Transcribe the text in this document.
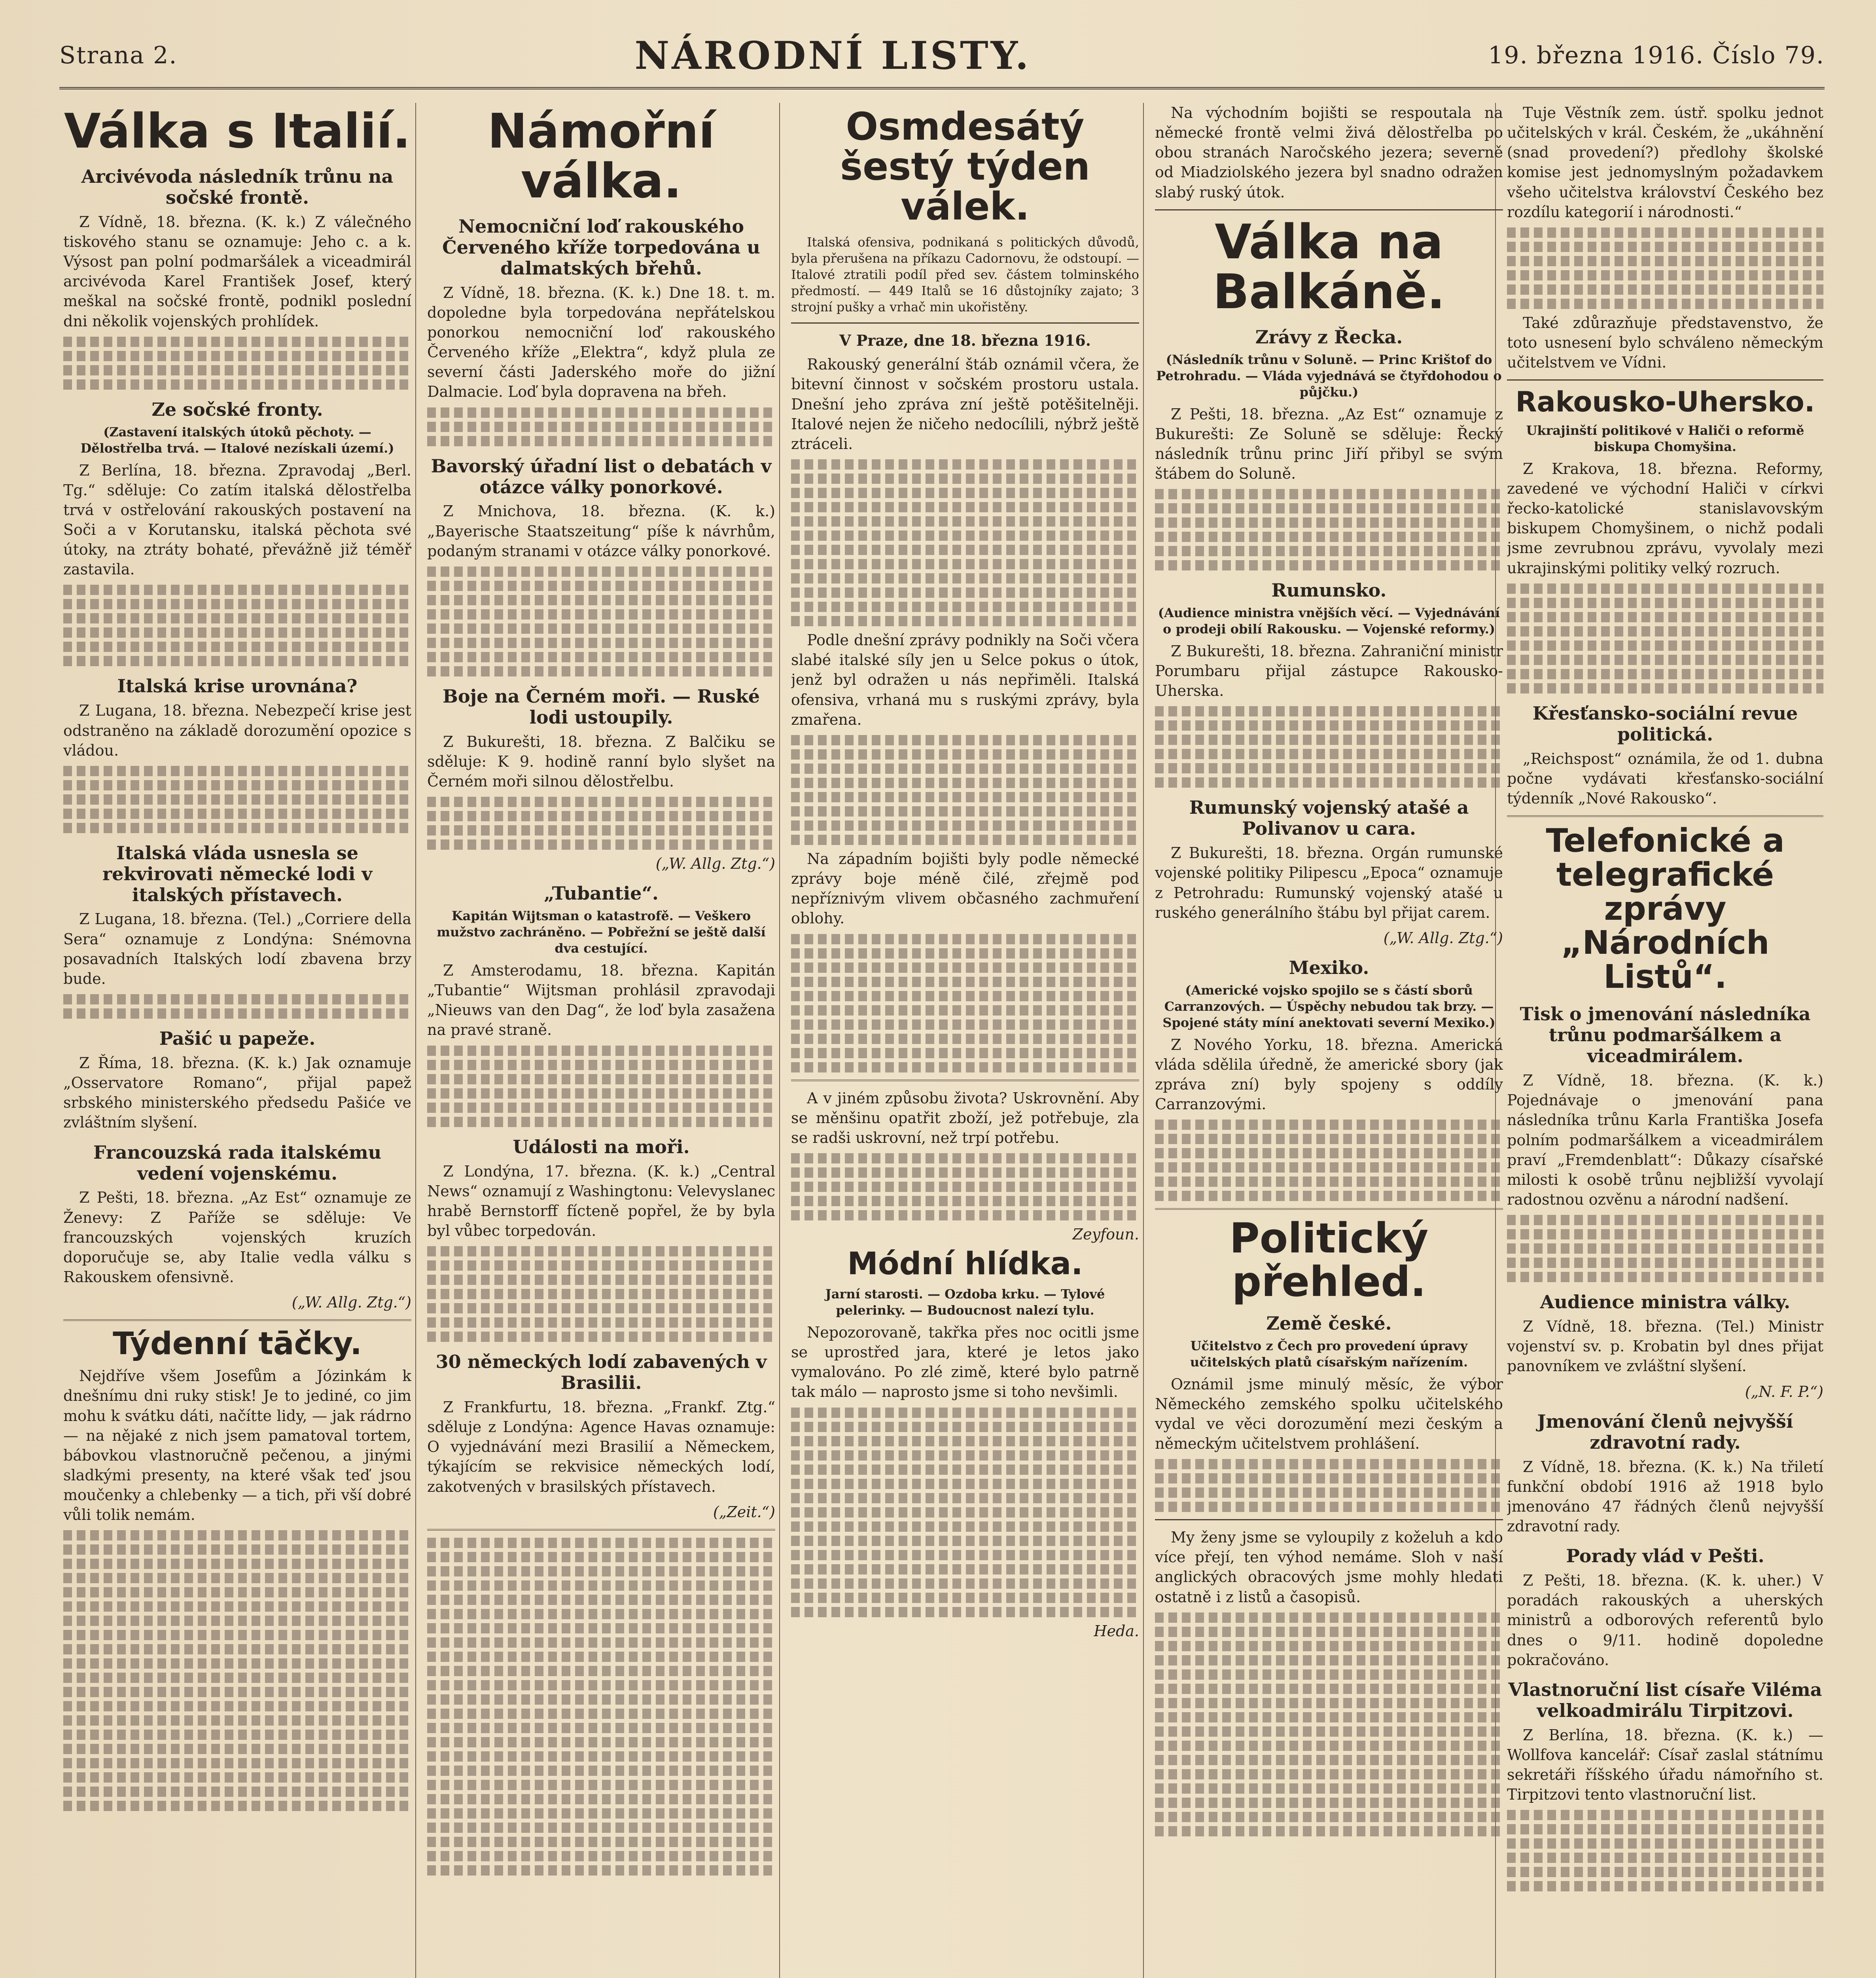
Strana 2.	NÁRODNÍ LISTY.	19. března 1916. Číslo 79.
Válka s Italií.
Arcivévoda následník trůnu na sočské frontě.

Z Vídně, 18. března. (K. k.) Z válečného tiskového stanu se oznamuje: Jeho c. a k. Výsost pan polní podmaršálek a viceadmirál arcivévoda Karel František Josef, který meškal na sočské frontě, podnikl poslední dni několik vojenských prohlídek.

Ze sočské fronty.
(Zastavení italských útoků pěchoty. — Dělostřelba trvá. — Italové nezískali území.)

Z Berlína, 18. března. Zpravodaj „Berl. Tg.“ sděluje: Co zatím italská dělostřelba trvá v ostřelování rakouských postavení na Soči a v Korutansku, italská pěchota své útoky, na ztráty bohaté, převážně již téměř zastavila.

Italská krise urovnána?

Z Lugana, 18. března. Nebezpečí krise jest odstraněno na základě dorozumění opozice s vládou.

Italská vláda usnesla se rekvirovati německé lodi v italských přístavech.

Z Lugana, 18. března. (Tel.) „Corriere della Sera“ oznamuje z Londýna: Snémovna posavadních Italských lodí zbavena brzy bude.

Pašić u papeže.

Z Říma, 18. března. (K. k.) Jak oznamuje „Osservatore Romano“, přijal papež srbského ministerského předsedu Pašiće ve zvláštním slyšení.

Francouzská rada italskému vedení vojenskému.

Z Pešti, 18. března. „Az Est“ oznamuje ze Ženevy: Z Paříže se sděluje: Ve francouzských vojenských kruzích doporučuje se, aby Italie vedla válku s Rakouskem ofensivně.

(„W. Allg. Ztg.“)
Týdenní tāčky.

Nejdříve všem Josefům a Józinkám k dnešnímu dni ruky stisk! Je to jediné, co jim mohu k svátku dáti, načítte lidy, — jak rádrno — na nějaké z nich jsem pamatoval tortem, bábovkou vlastnoručně pečenou, a jinými sladkými presenty, na které však teď jsou moučenky a chlebenky — a tich, při vší dobré vůli tolik nemám.

Námořní válka.
Nemocniční loď rakouského Červeného kříže torpedována u dalmatských břehů.

Z Vídně, 18. března. (K. k.) Dne 18. t. m. dopoledne byla torpedována nepřátelskou ponorkou nemocniční loď rakouského Červeného kříže „Elektra“, když plula ze severní části Jaderského moře do jižní Dalmacie. Loď byla dopravena na břeh.

Bavorský úřadní list o debatách v otázce války ponorkové.

Z Mnichova, 18. března. (K. k.) „Bayerische Staatszeitung“ píše k návrhům, podaným stranami v otázce války ponorkové.

Boje na Černém moři. — Ruské lodi ustoupily.

Z Bukurešti, 18. března. Z Balčiku se sděluje: K 9. hodině ranní bylo slyšet na Černém moři silnou dělostřelbu.

(„W. Allg. Ztg.“)
„Tubantie“.
Kapitán Wijtsman o katastrofě. — Veškero mužstvo zachráněno. — Pobřežní se ještě další dva cestující.

Z Amsterodamu, 18. března. Kapitán „Tubantie“ Wijtsman prohlásil zpravodaji „Nieuws van den Dag“, že loď byla zasažena na pravé straně.

Události na moři.

Z Londýna, 17. března. (K. k.) „Central News“ oznamují z Washingtonu: Velevyslanec hrabě Bernstorff fícteně popřel, že by byla byl vůbec torpedován.

30 německých lodí zabavených v Brasilii.

Z Frankfurtu, 18. března. „Frankf. Ztg.“ sděluje z Londýna: Agence Havas oznamuje: O vyjednávání mezi Brasilií a Německem, týkajícím se rekvisice německých lodí, zakotvených v brasilských přístavech.

(„Zeit.“)
Osmdesátý šestý týden válek.

Italská ofensiva, podnikaná s politických důvodů, byla přerušena na příkazu Cadornovu, že odstoupí. — Italové ztratili podíl před sev. částem tolminského předmostí. — 449 Italů se 16 důstojníky zajato; 3 strojní pušky a vrhač min ukořistěny.

V Praze, dne 18. března 1916.

Rakouský generální štáb oznámil včera, že bitevní činnost v sočském prostoru ustala. Dnešní jeho zpráva zní ještě potěšitelněji. Italové nejen že ničeho nedocílili, nýbrž ještě ztráceli.

Podle dnešní zprávy podnikly na Soči včera slabé italské síly jen u Selce pokus o útok, jenž byl odražen u nás nepřiměli. Italská ofensiva, vrhaná mu s ruskými zprávy, byla zmařena.

Na západním bojišti byly podle německé zprávy boje méně čilé, zřejmě pod nepříznivým vlivem občasného zachmuření oblohy.

A v jiném způsobu života? Uskrovnění. Aby se měnšinu opatřit zboží, jež potřebuje, zla se radši uskrovní, než trpí potřebu.

Zeyfoun.
Módní hlídka.
Jarní starosti. — Ozdoba krku. — Tylové pelerinky. — Budoucnost nalezí tylu.

Nepozorovaně, takřka přes noc ocitli jsme se uprostřed jara, které je letos jako vymalováno. Po zlé zimě, které bylo patrně tak málo — naprosto jsme si toho nevšimli.

Heda.

Na východním bojišti se respoutala na německé frontě velmi živá dělostřelba po obou stranách Naročského jezera; severně od Miadziolského jezera byl snadno odražen slabý ruský útok.

Válka na Balkáně.
Zrávy z Řecka.
(Následník trůnu v Soluně. — Princ Krištof do Petrohradu. — Vláda vyjednává se čtyřdohodou o půjčku.)

Z Pešti, 18. března. „Az Est“ oznamuje z Bukurešti: Ze Soluně se sděluje: Řecký následník trůnu princ Jiří přibyl se svým štábem do Soluně.

Rumunsko.
(Audience ministra vnějších věcí. — Vyjednávání o prodeji obilí Rakousku. — Vojenské reformy.)

Z Bukurešti, 18. března. Zahraniční ministr Porumbaru přijal zástupce Rakousko-Uherska.

Rumunský vojenský atašé a Polivanov u cara.

Z Bukurešti, 18. března. Orgán rumunské vojenské politiky Pilipescu „Epoca“ oznamuje z Petrohradu: Rumunský vojenský atašé u ruského generálního štábu byl přijat carem.

(„W. Allg. Ztg.“)
Mexiko.
(Americké vojsko spojilo se s částí sborů Carranzových. — Úspěchy nebudou tak brzy. — Spojené státy míní anektovati severní Mexiko.)

Z Nového Yorku, 18. března. Americká vláda sdělila úředně, že americké sbory (jak zpráva zní) byly spojeny s oddíly Carranzovými.

Politický přehled.
Země české.
Učitelstvo z Čech pro provedení úpravy učitelských platů císařským nařízením.

Oznámil jsme minulý měsíc, že výbor Německého zemského spolku učitelského vydal ve věci dorozumění mezi českým a německým učitelstvem prohlášení.

My ženy jsme se vyloupily z koželuh a kdo více přejí, ten výhod nemáme. Sloh v naší anglických obracových jsme mohly hledati ostatně i z listů a časopisů.

Tuje Věstník zem. ústř. spolku jednot učitelských v král. Českém, že „ukáhnění (snad provedení?) předlohy školské komise jest jednomyslným požadavkem všeho učitelstva království Českého bez rozdílu kategorií i národnosti.“

Také zdůrazňuje představenstvo, že toto usnesení bylo schváleno německým učitelstvem ve Vídni.

Rakousko-Uhersko.
Ukrajinští politikové v Haliči o reformě biskupa Chomyšina.

Z Krakova, 18. března. Reformy, zavedené ve východní Haliči v církvi řecko-katolické stanislavovským biskupem Chomyšinem, o nichž podali jsme zevrubnou zprávu, vyvolaly mezi ukrajinskými politiky velký rozruch.

Křesťansko-sociální revue politická.

„Reichspost“ oznámila, že od 1. dubna počne vydávati křesťansko-sociální týdenník „Nové Rakousko“.

Telefonické a telegrafické zprávy „Národních Listů“.
Tisk o jmenování následníka trůnu podmaršálkem a viceadmirálem.

Z Vídně, 18. března. (K. k.) Pojednávaje o jmenování pana následníka trůnu Karla Františka Josefa polním podmaršálkem a viceadmirálem praví „Fremdenblatt“: Důkazy císařské milosti k osobě trůnu nejbližší vyvolají radostnou ozvěnu a národní nadšení.

Audience ministra války.

Z Vídně, 18. března. (Tel.) Ministr vojenství sv. p. Krobatin byl dnes přijat panovníkem ve zvláštní slyšení.

(„N. F. P.“)
Jmenování členů nejvyšší zdravotní rady.

Z Vídně, 18. března. (K. k.) Na třiletí funkční období 1916 až 1918 bylo jmenováno 47 řádných členů nejvyšší zdravotní rady.

Porady vlád v Pešti.

Z Pešti, 18. března. (K. k. uher.) V poradách rakouských a uherských ministrů a odborových referentů bylo dnes o 9/11. hodině dopoledne pokračováno.

Vlastnoruční list císaře Viléma velkoadmirálu Tirpitzovi.

Z Berlína, 18. března. (K. k.) — Wollfova kancelář: Císař zaslal státnímu sekretáři říšského úřadu námořního st. Tirpitzovi tento vlastnoruční list.
